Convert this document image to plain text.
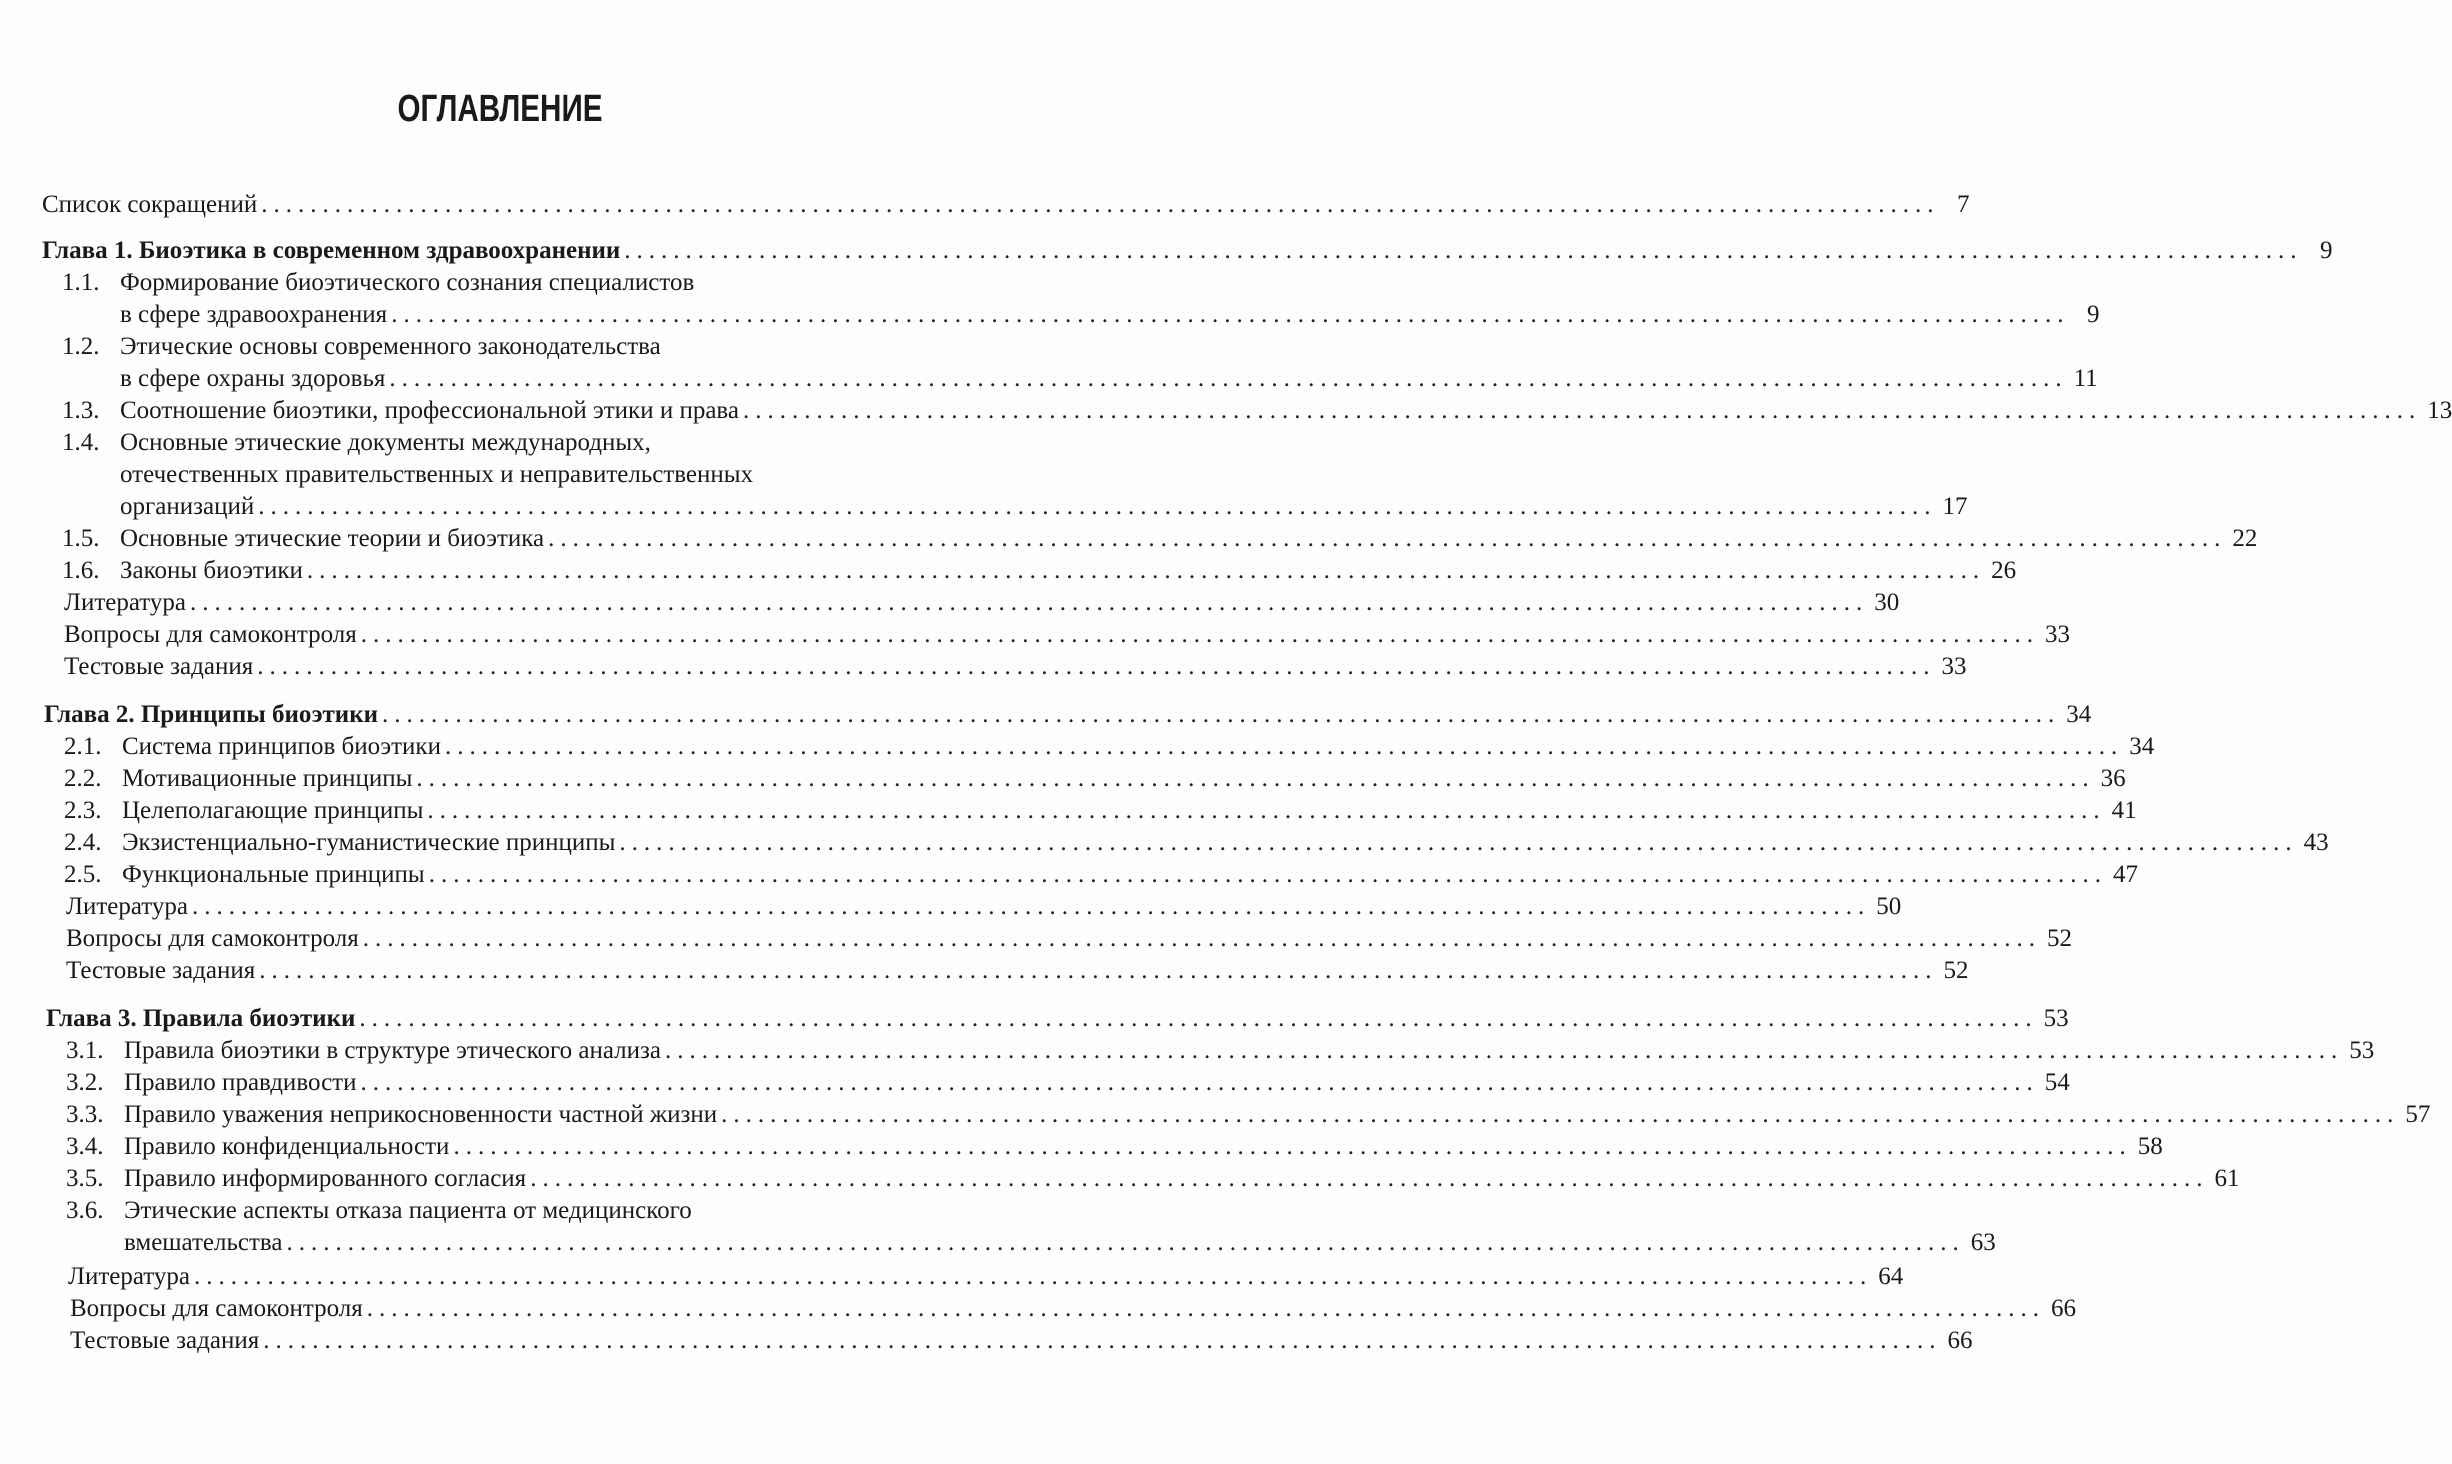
ОГЛАВЛЕНИЕ
Список сокращений ......................................................................................................................................... 7
Глава 1. Биоэтика в современном здравоохранении ......................................................................................................................................... 9
1.1. Формирование биоэтического сознания специалистов
в сфере здравоохранения ......................................................................................................................................... 9
1.2. Этические основы современного законодательства
в сфере охраны здоровья ......................................................................................................................................... 11
1.3. Соотношение биоэтики, профессиональной этики и права ......................................................................................................................................... 13
1.4. Основные этические документы международных,
отечественных правительственных и неправительственных
организаций ......................................................................................................................................... 17
1.5. Основные этические теории и биоэтика ......................................................................................................................................... 22
1.6. Законы биоэтики ......................................................................................................................................... 26
Литература ......................................................................................................................................... 30
Вопросы для самоконтроля ......................................................................................................................................... 33
Тестовые задания ......................................................................................................................................... 33
Глава 2. Принципы биоэтики ......................................................................................................................................... 34
2.1. Система принципов биоэтики ......................................................................................................................................... 34
2.2. Мотивационные принципы ......................................................................................................................................... 36
2.3. Целеполагающие принципы ......................................................................................................................................... 41
2.4. Экзистенциально-гуманистические принципы ......................................................................................................................................... 43
2.5. Функциональные принципы ......................................................................................................................................... 47
Литература ......................................................................................................................................... 50
Вопросы для самоконтроля ......................................................................................................................................... 52
Тестовые задания ......................................................................................................................................... 52
Глава 3. Правила биоэтики ......................................................................................................................................... 53
3.1. Правила биоэтики в структуре этического анализа ......................................................................................................................................... 53
3.2. Правило правдивости ......................................................................................................................................... 54
3.3. Правило уважения неприкосновенности частной жизни ......................................................................................................................................... 57
3.4. Правило конфиденциальности ......................................................................................................................................... 58
3.5. Правило информированного согласия ......................................................................................................................................... 61
3.6. Этические аспекты отказа пациента от медицинского
вмешательства ......................................................................................................................................... 63
Литература ......................................................................................................................................... 64
Вопросы для самоконтроля ......................................................................................................................................... 66
Тестовые задания ......................................................................................................................................... 66
